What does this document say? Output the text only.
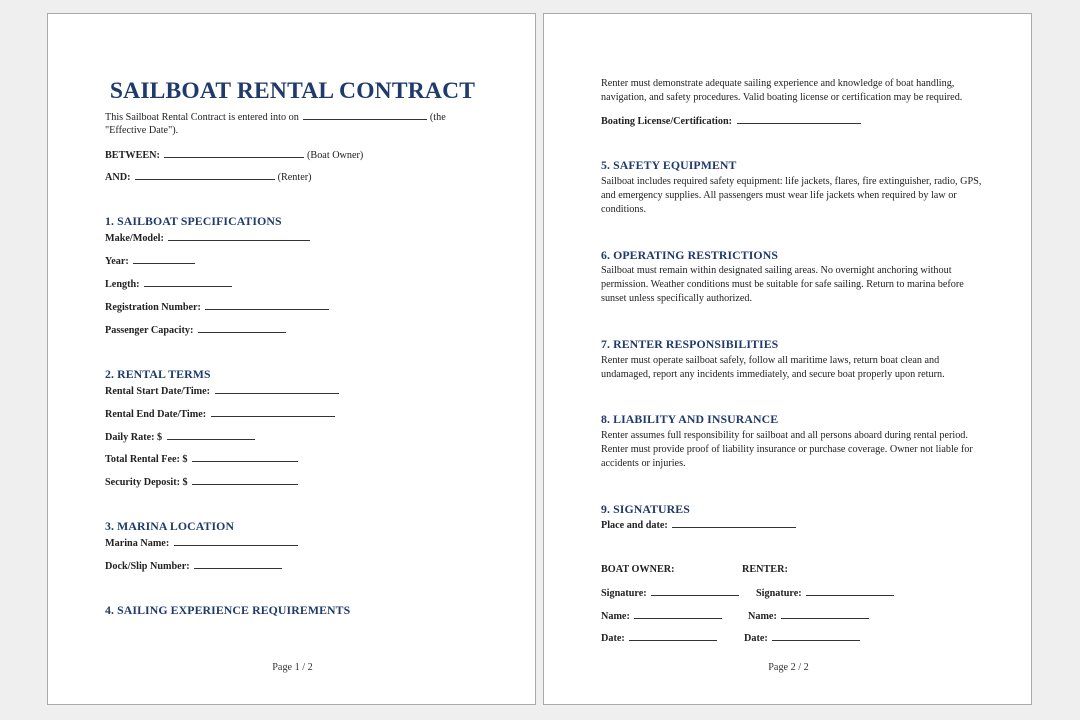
SAILBOAT RENTAL CONTRACT
This Sailboat Rental Contract is entered into on	(the
"Effective Date").
BETWEEN:	(Boat Owner)
AND:	(Renter)
1. SAILBOAT SPECIFICATIONS
Make/Model:
Year:
Length:
Registration Number:
Passenger Capacity:
2. RENTAL TERMS
Rental Start Date/Time:
Rental End Date/Time:
Daily Rate: $
Total Rental Fee: $
Security Deposit: $
3. MARINA LOCATION
Marina Name:
Dock/Slip Number:
4. SAILING EXPERIENCE REQUIREMENTS
Page 1 / 2
Renter must demonstrate adequate sailing experience and knowledge of boat handling,
navigation, and safety procedures. Valid boating license or certification may be required.
Boating License/Certification:
5. SAFETY EQUIPMENT
Sailboat includes required safety equipment: life jackets, flares, fire extinguisher, radio, GPS,
and emergency supplies. All passengers must wear life jackets when required by law or
conditions.
6. OPERATING RESTRICTIONS
Sailboat must remain within designated sailing areas. No overnight anchoring without
permission. Weather conditions must be suitable for safe sailing. Return to marina before
sunset unless specifically authorized.
7. RENTER RESPONSIBILITIES
Renter must operate sailboat safely, follow all maritime laws, return boat clean and
undamaged, report any incidents immediately, and secure boat properly upon return.
8. LIABILITY AND INSURANCE
Renter assumes full responsibility for sailboat and all persons aboard during rental period.
Renter must provide proof of liability insurance or purchase coverage. Owner not liable for
accidents or injuries.
9. SIGNATURES
Place and date:
BOAT OWNER:	RENTER:
Signature:	Signature:
Name:	Name:
Date:	Date:
Page 2 / 2
